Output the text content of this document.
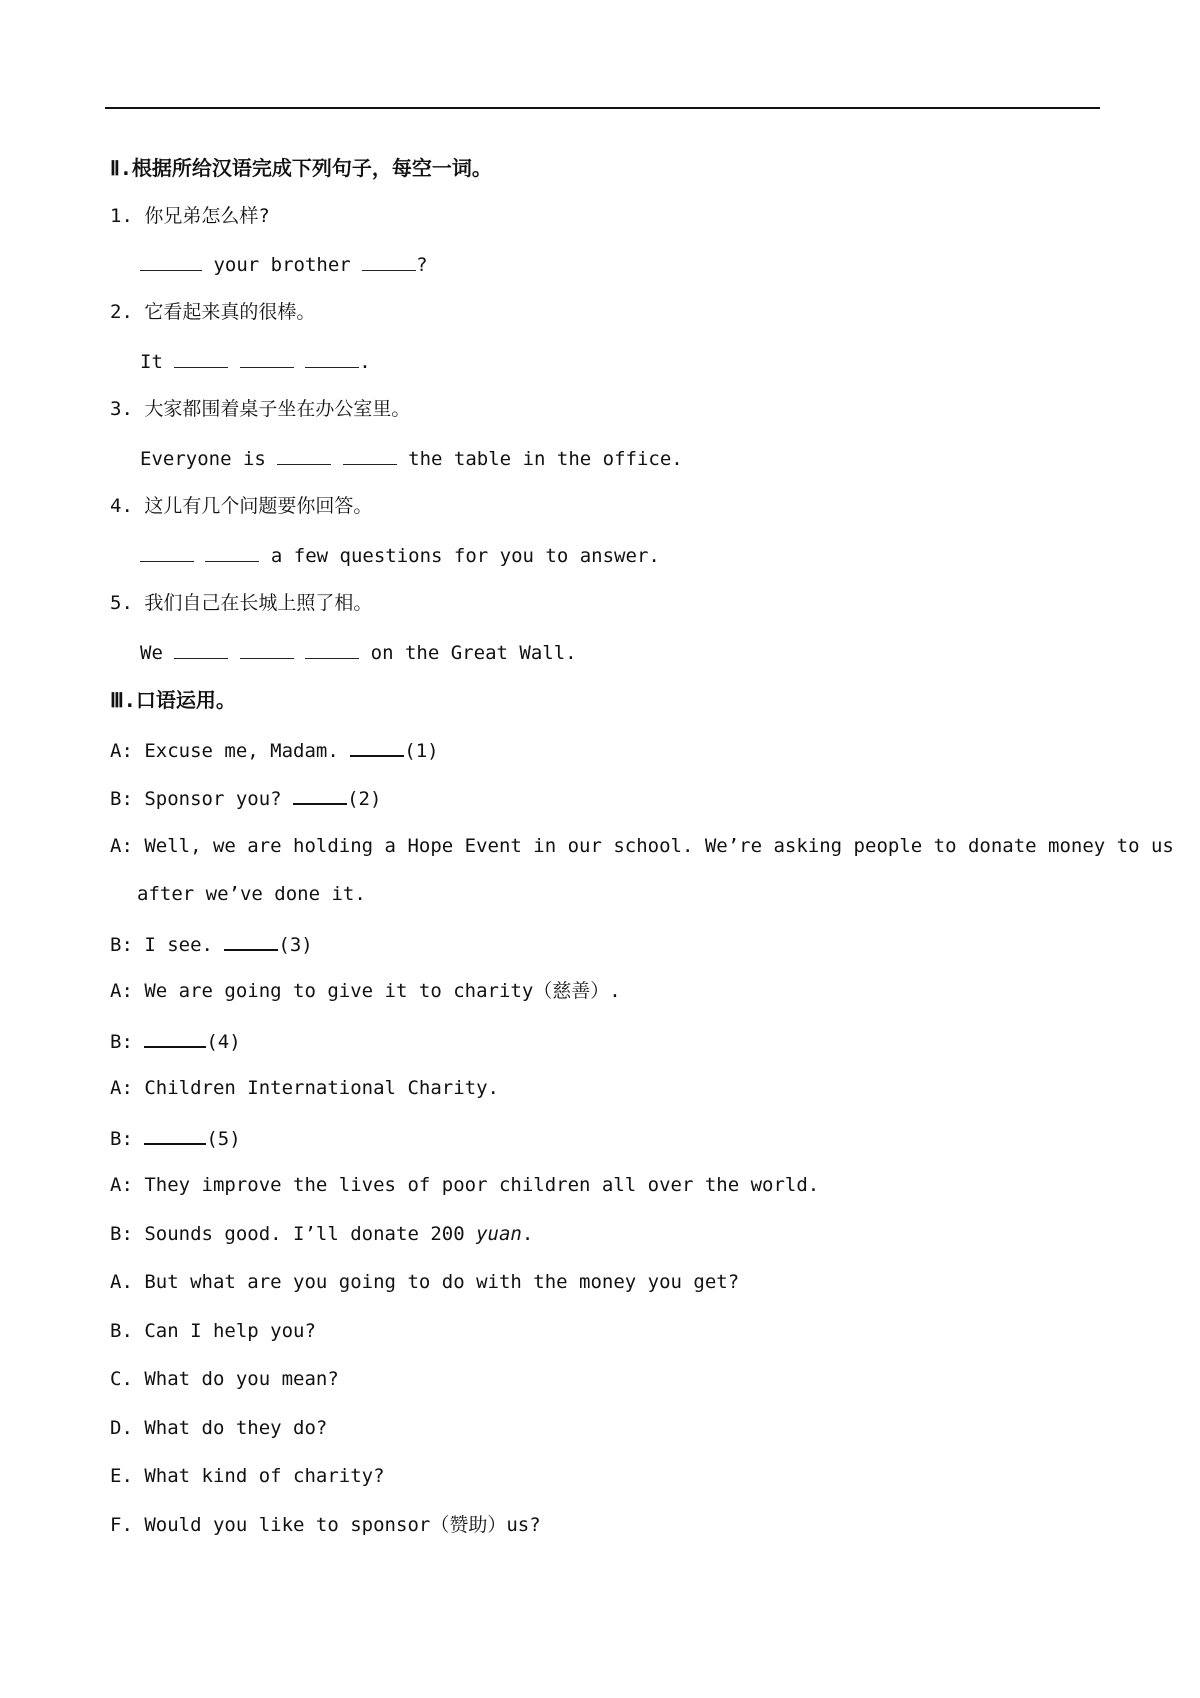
Ⅱ.根据所给汉语完成下列句子，每空一词。
1. 你兄弟怎么样?
your brother	?
2. 它看起来真的很棒。
It	.
3. 大家都围着桌子坐在办公室里。
Everyone is	the table in the office.
4. 这儿有几个问题要你回答。
a few questions for you to answer.
5. 我们自己在长城上照了相。
We	on the Great Wall.
Ⅲ.口语运用。
A: Excuse me, Madam.	(1)
B: Sponsor you?	(2)
A: Well, we are holding a Hope Event in our school. We’re asking people to donate money to us
after we’ve done it.
B: I see.	(3)
A: We are going to give it to charity（慈善）.
B:	(4)
A: Children International Charity.
B:	(5)
A: They improve the lives of poor children all over the world.
B: Sounds good. I’ll donate 200 yuan.
A. But what are you going to do with the money you get?
B. Can I help you?
C. What do you mean?
D. What do they do?
E. What kind of charity?
F. Would you like to sponsor（赞助）us?
